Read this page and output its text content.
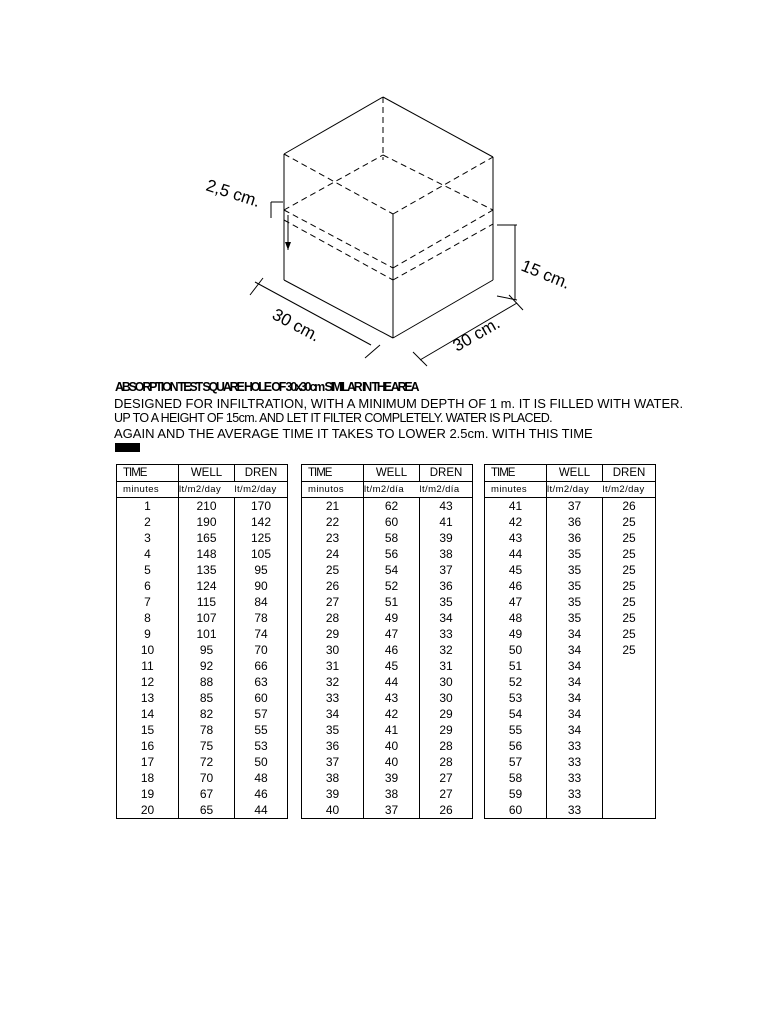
2,5 cm.
15 cm.
30 cm.	30 cm.
ABSORPTION TEST SQUARE HOLE OF 30x30cm SIMILAR IN THE AREA
DESIGNED FOR INFILTRATION, WITH A MINIMUM DEPTH OF 1 m. IT IS FILLED WITH WATER.
UP TO A HEIGHT OF 15cm. AND LET IT FILTER COMPLETELY. WATER IS PLACED.
AGAIN AND THE AVERAGE TIME IT TAKES TO LOWER 2.5cm. WITH THIS TIME
TIME	WELL	DREN
minutes	lt/m2/day	lt/m2/day
1	210	170
2	190	142
3	165	125
4	148	105
5	135	95
6	124	90
7	115	84
8	107	78
9	101	74
10	95	70
11	92	66
12	88	63
13	85	60
14	82	57
15	78	55
16	75	53
17	72	50
18	70	48
19	67	46
20	65	44
TIME	WELL	DREN
minutos	lt/m2/día	lt/m2/día
21	62	43
22	60	41
23	58	39
24	56	38
25	54	37
26	52	36
27	51	35
28	49	34
29	47	33
30	46	32
31	45	31
32	44	30
33	43	30
34	42	29
35	41	29
36	40	28
37	40	28
38	39	27
39	38	27
40	37	26
TIME	WELL	DREN
minutes	lt/m2/day	lt/m2/day
41	37	26
42	36	25
43	36	25
44	35	25
45	35	25
46	35	25
47	35	25
48	35	25
49	34	25
50	34	25
51	34	
52	34	
53	34	
54	34	
55	34	
56	33	
57	33	
58	33	
59	33	
60	33	
